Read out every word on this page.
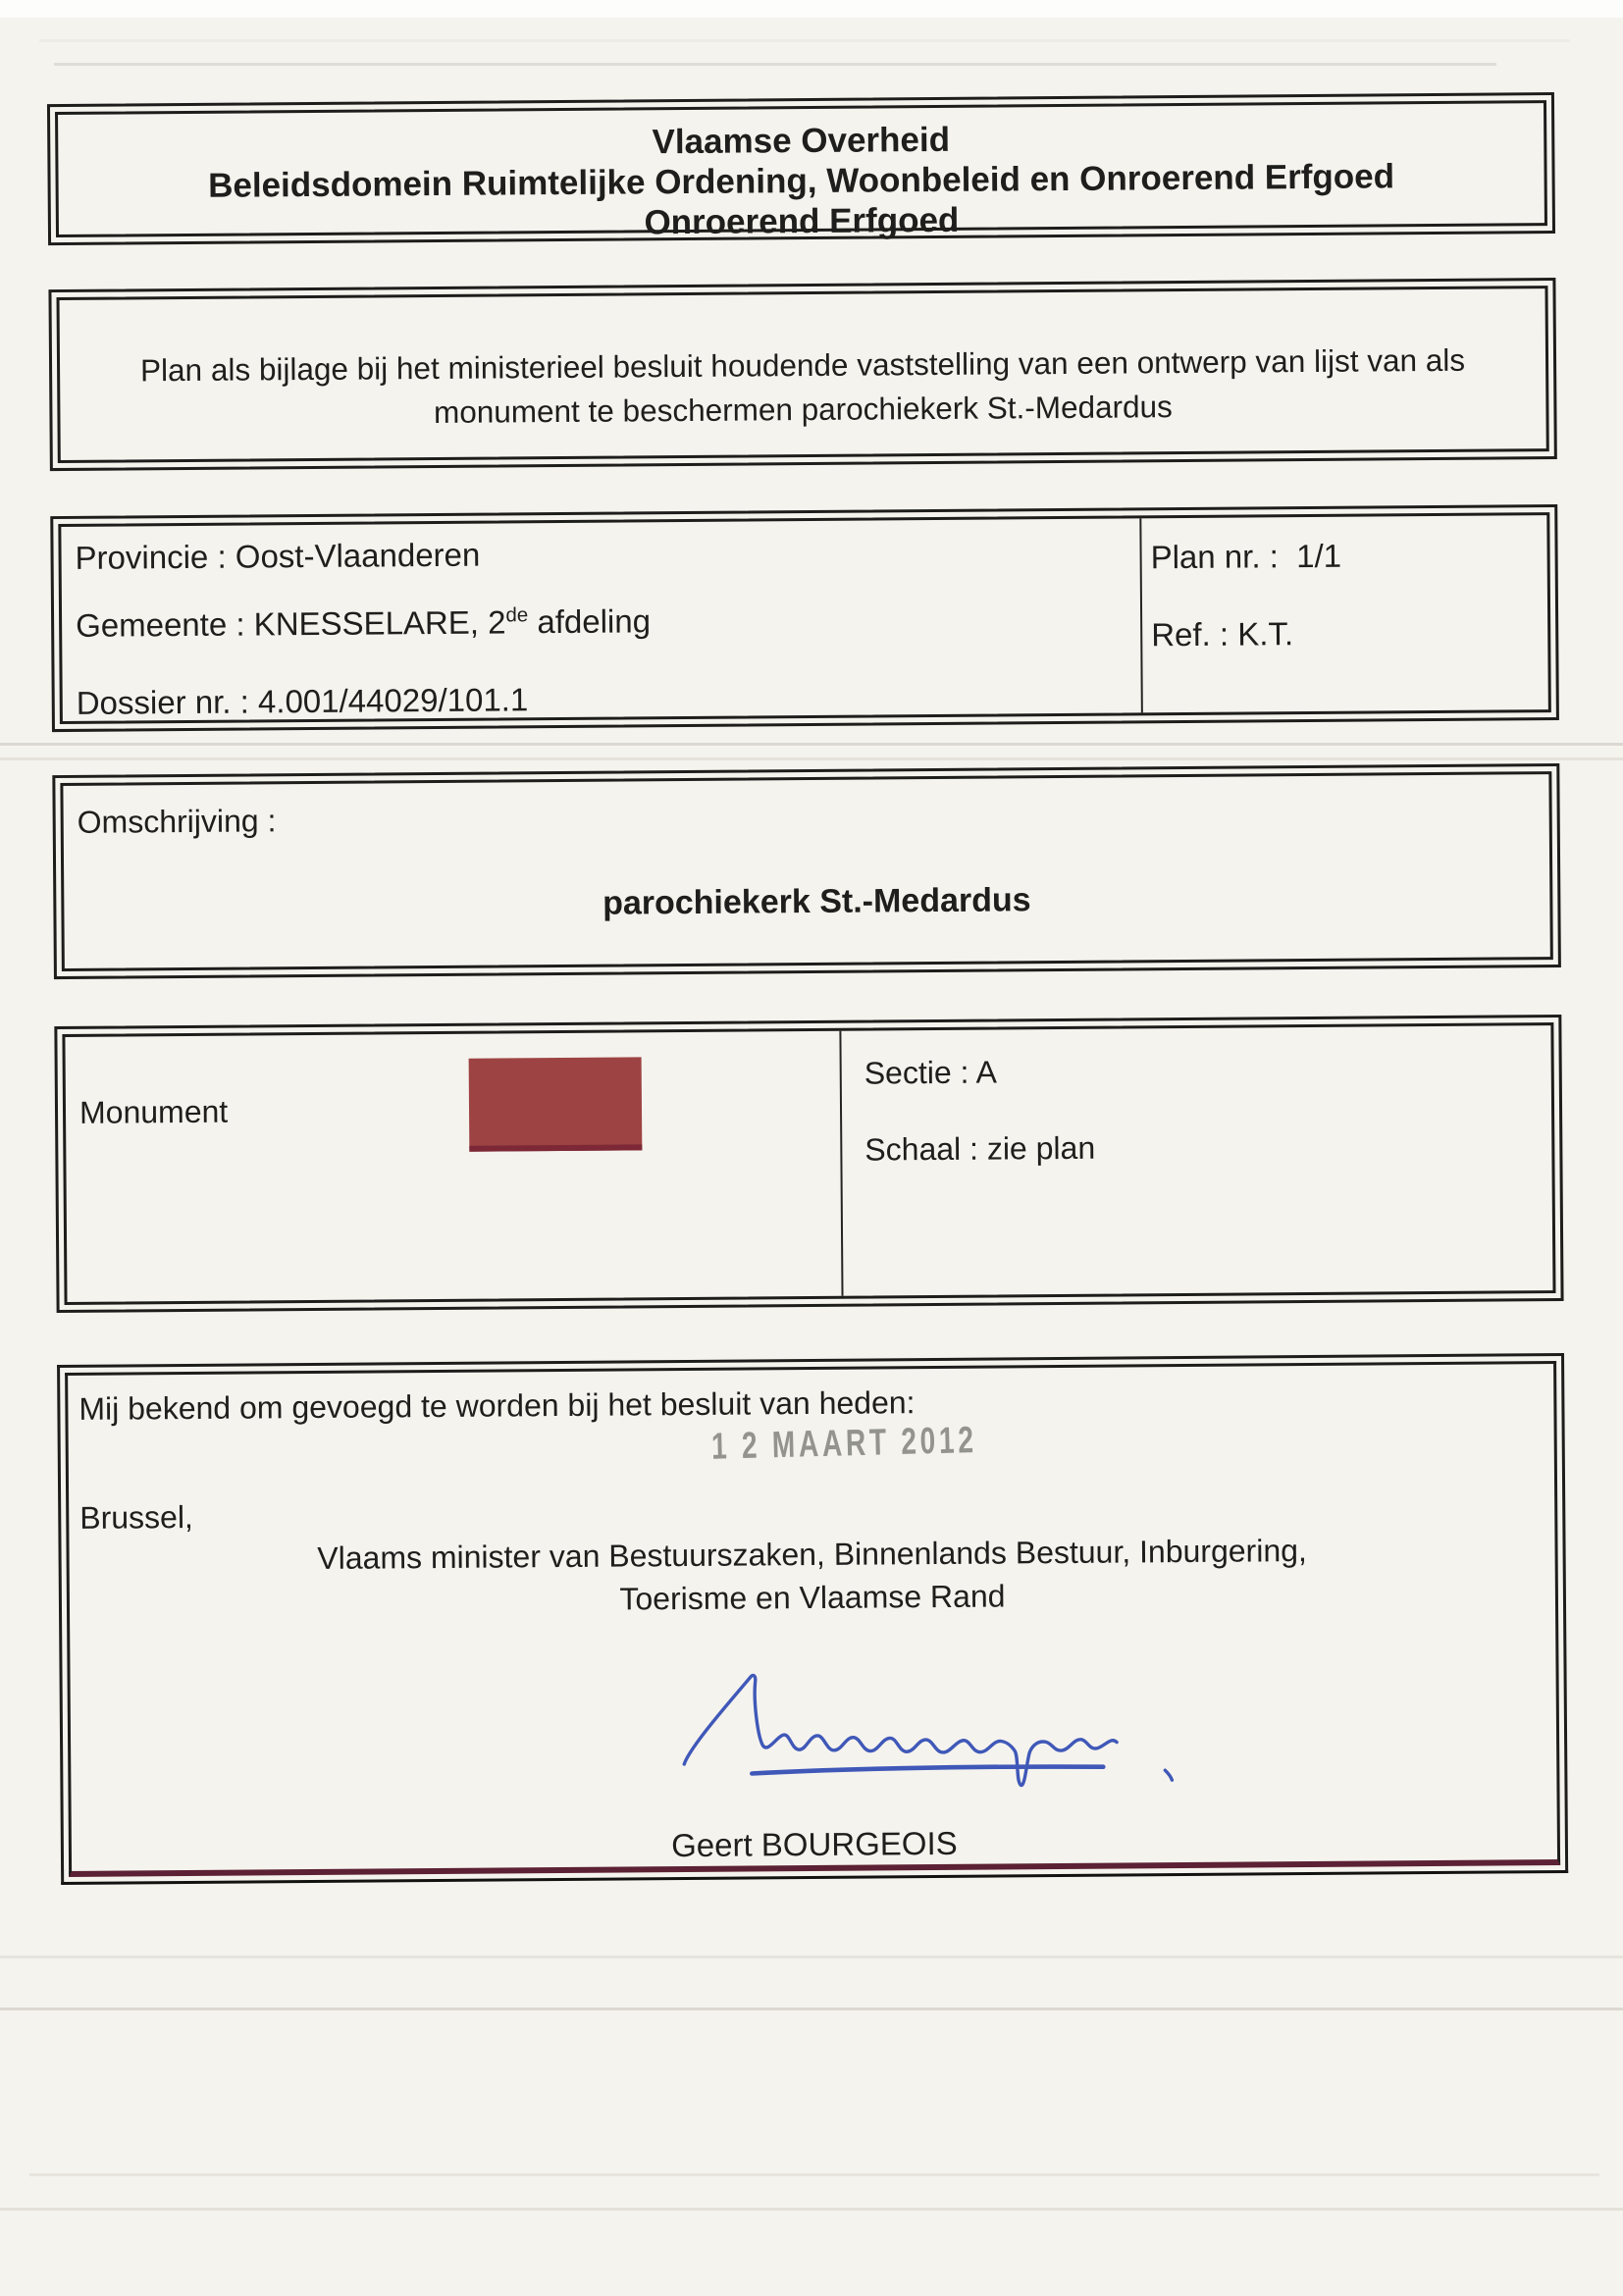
Vlaamse Overheid
Beleidsdomein Ruimtelijke Ordening, Woonbeleid en Onroerend Erfgoed
Onroerend Erfgoed
Plan als bijlage bij het ministerieel besluit houdende vaststelling van een ontwerp van lijst van als
monument te beschermen parochiekerk St.-Medardus
Provincie : Oost-Vlaanderen
Gemeente : KNESSELARE, 2de afdeling
Dossier nr. : 4.001/44029/101.1
Plan nr. :  1/1
Ref. : K.T.
Omschrijving :
parochiekerk St.-Medardus
Monument
Sectie : A
Schaal : zie plan
Mij bekend om gevoegd te worden bij het besluit van heden:
1 2 MAART 2012
Brussel,
Vlaams minister van Bestuurszaken, Binnenlands Bestuur, Inburgering,
Toerisme en Vlaamse Rand
Geert BOURGEOIS
